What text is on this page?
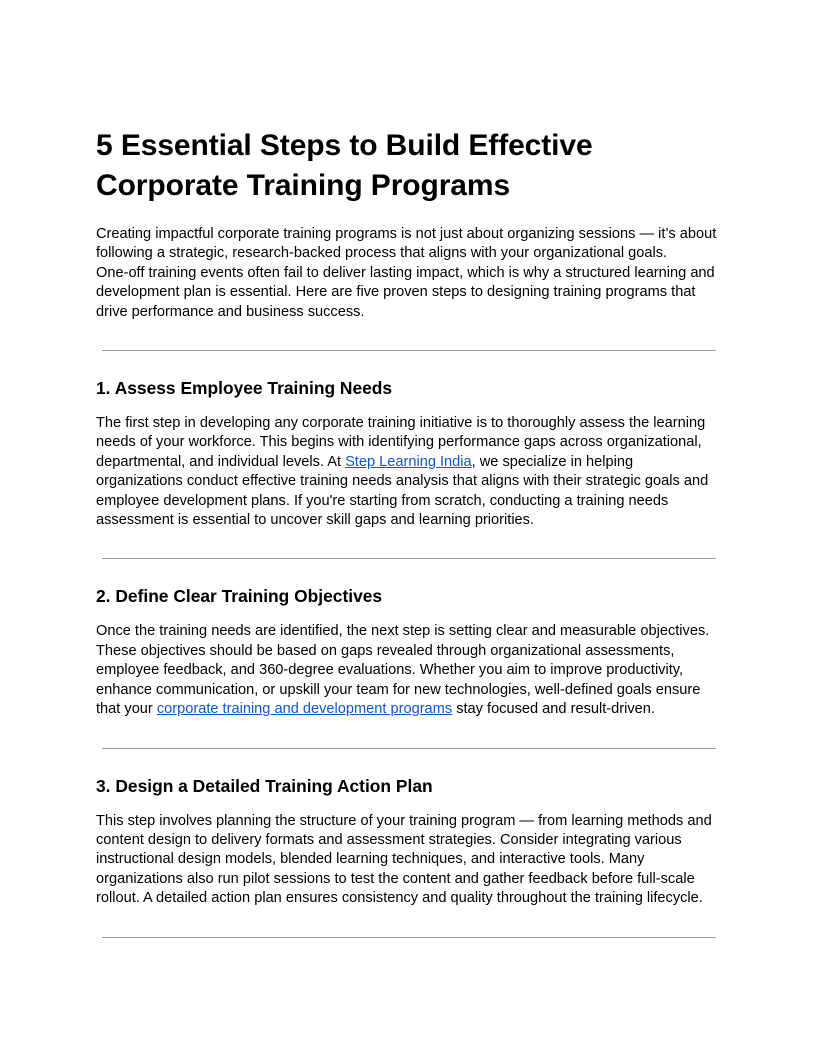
5 Essential Steps to Build Effective Corporate Training Programs

Creating impactful corporate training programs is not just about organizing sessions — it’s about following a strategic, research-backed process that aligns with your organizational goals.
One-off training events often fail to deliver lasting impact, which is why a structured learning and development plan is essential. Here are five proven steps to designing training programs that drive performance and business success.

1. Assess Employee Training Needs

The first step in developing any corporate training initiative is to thoroughly assess the learning needs of your workforce. This begins with identifying performance gaps across organizational, departmental, and individual levels. At Step Learning India, we specialize in helping organizations conduct effective training needs analysis that aligns with their strategic goals and employee development plans. If you're starting from scratch, conducting a training needs assessment is essential to uncover skill gaps and learning priorities.

2. Define Clear Training Objectives

Once the training needs are identified, the next step is setting clear and measurable objectives. These objectives should be based on gaps revealed through organizational assessments, employee feedback, and 360-degree evaluations. Whether you aim to improve productivity, enhance communication, or upskill your team for new technologies, well-defined goals ensure that your corporate training and development programs stay focused and result-driven.

3. Design a Detailed Training Action Plan

This step involves planning the structure of your training program — from learning methods and content design to delivery formats and assessment strategies. Consider integrating various instructional design models, blended learning techniques, and interactive tools. Many organizations also run pilot sessions to test the content and gather feedback before full-scale rollout. A detailed action plan ensures consistency and quality throughout the training lifecycle.
